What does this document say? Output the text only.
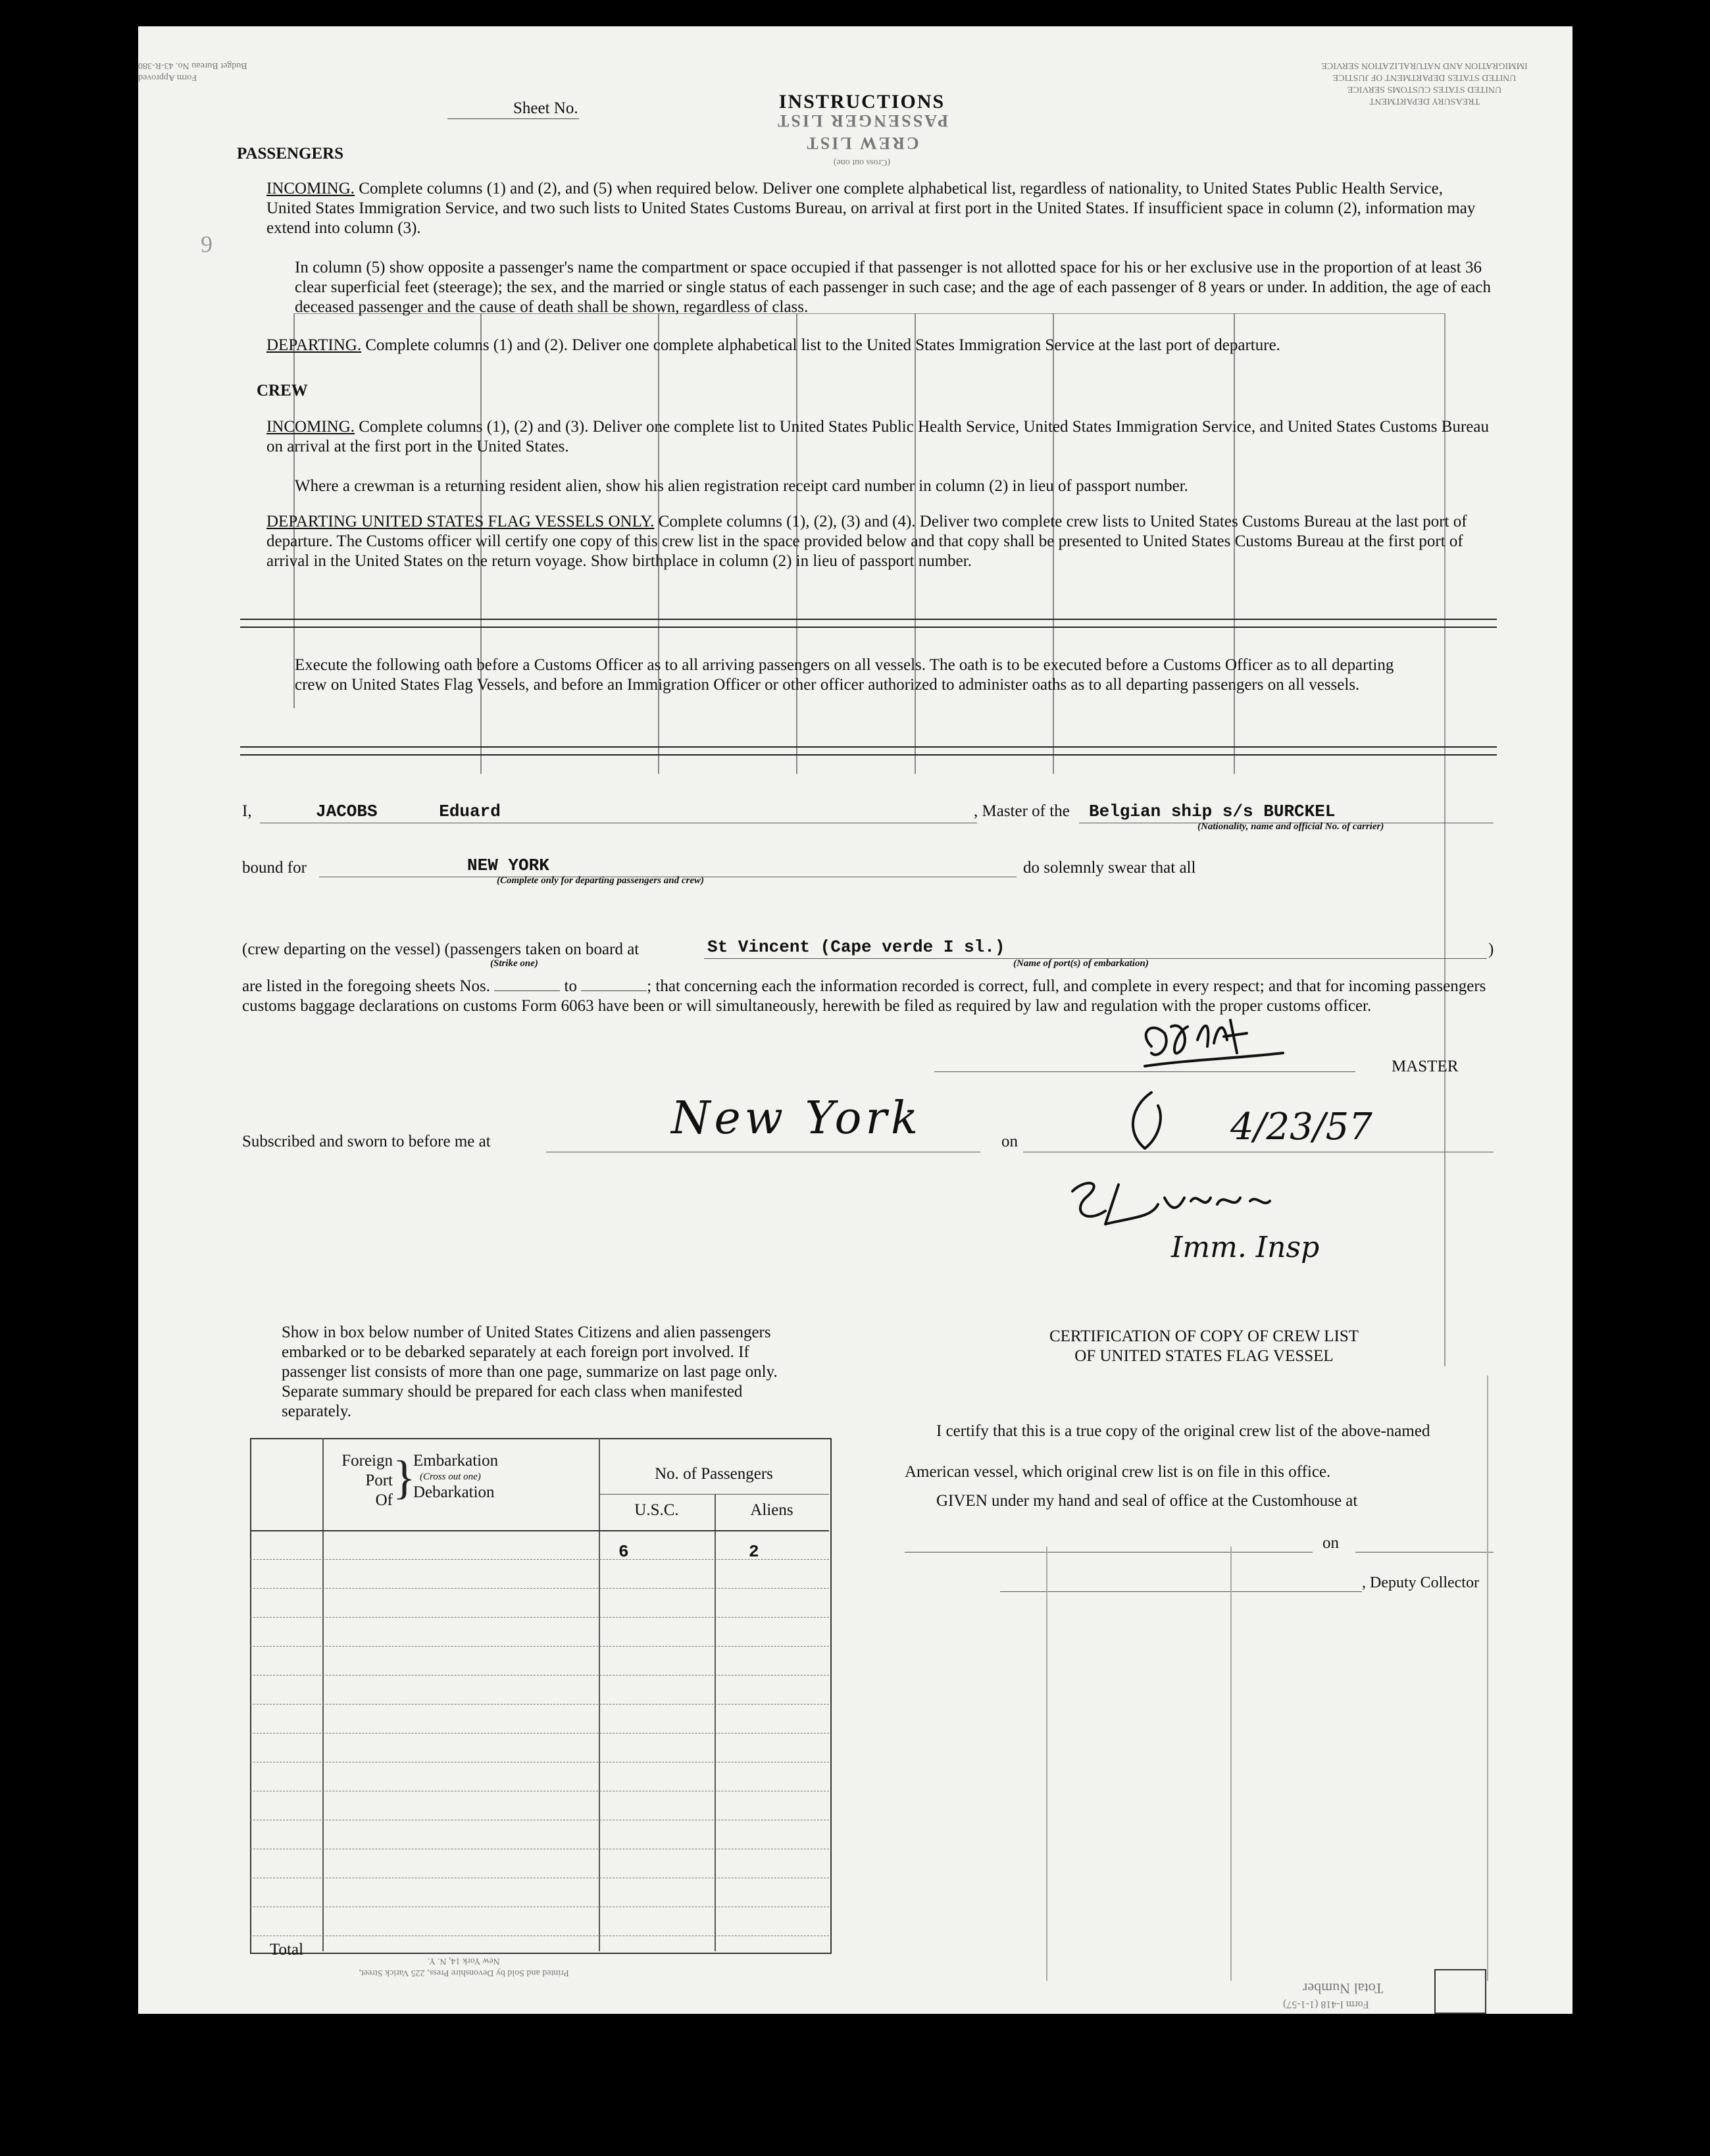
Form Approved
Budget Bureau No. 43-R-380
TREASURY DEPARTMENT
UNITED STATES CUSTOMS SERVICE
UNITED STATES DEPARTMENT OF JUSTICE
IMMIGRATION AND NATURALIZATION SERVICE
Sheet No.	INSTRUCTIONS
PASSENGER LIST
CREW LIST
(Cross out one)
PASSENGERS
INCOMING. Complete columns (1) and (2), and (5) when required below. Deliver one complete alphabetical list, regardless of nationality, to United States Public Health Service, United States Immigration Service, and two such lists to United States Customs Bureau, on arrival at first port in the United States. If insufficient space in column (2), information may extend into column (3).
In column (5) show opposite a passenger's name the compartment or space occupied if that passenger is not allotted space for his or her exclusive use in the proportion of at least 36 clear superficial feet (steerage); the sex, and the married or single status of each passenger in such case; and the age of each passenger of 8 years or under. In addition, the age of each deceased passenger and the cause of death shall be shown, regardless of class.
DEPARTING. Complete columns (1) and (2). Deliver one complete alphabetical list to the United States Immigration Service at the last port of departure.
CREW
INCOMING. Complete columns (1), (2) and (3). Deliver one complete list to United States Public Health Service, United States Immigration Service, and United States Customs Bureau on arrival at the first port in the United States.
Where a crewman is a returning resident alien, show his alien registration receipt card number in column (2) in lieu of passport number.
DEPARTING UNITED STATES FLAG VESSELS ONLY. Complete columns (1), (2), (3) and (4). Deliver two complete crew lists to United States Customs Bureau at the last port of departure. The Customs officer will certify one copy of this crew list in the space provided below and that copy shall be presented to United States Customs Bureau at the first port of arrival in the United States on the return voyage. Show birthplace in column (2) in lieu of passport number.
Execute the following oath before a Customs Officer as to all arriving passengers on all vessels. The oath is to be executed before a Customs Officer as to all departing crew on United States Flag Vessels, and before an Immigration Officer or other officer authorized to administer oaths as to all departing passengers on all vessels.
I,	JACOBS      Eduard	, Master of the Belgian ship s/s BURCKEL
(Nationality, name and official No. of carrier)
bound for	NEW YORK
(Complete only for departing passengers and crew)
do solemnly swear that all
(crew departing on the vessel) (passengers taken on board at
(Strike one)
St Vincent (Cape verde I sl.)
(Name of port(s) of embarkation)
)
are listed in the foregoing sheets Nos.	to	; that concerning each the information recorded is correct, full, and complete in every respect; and that for incoming passengers customs baggage declarations on customs Form 6063 have been or will simultaneously, herewith be filed as required by law and regulation with the proper customs officer.
MASTER
Subscribed and sworn to before me at	New York	on	4/23/57
Imm. Insp
Show in box below number of United States Citizens and alien passengers embarked or to be debarked separately at each foreign port involved. If passenger list consists of more than one page, summarize on last page only. Separate summary should be prepared for each class when manifested separately.
Foreign
Port
Of }
Embarkation
(Cross out one)
Debarkation
No. of Passengers
U.S.C.	Aliens
6	2
Total
CERTIFICATION OF COPY OF CREW LIST
OF UNITED STATES FLAG VESSEL
I certify that this is a true copy of the original crew list of the above-named American vessel, which original crew list is on file in this office.
GIVEN under my hand and seal of office at the Customhouse at
on
, Deputy Collector
Printed and Sold by Devonshire Press, 225 Varick Street, New York 14, N. Y.
Total Number
Form I-418 (1-1-57)
9
